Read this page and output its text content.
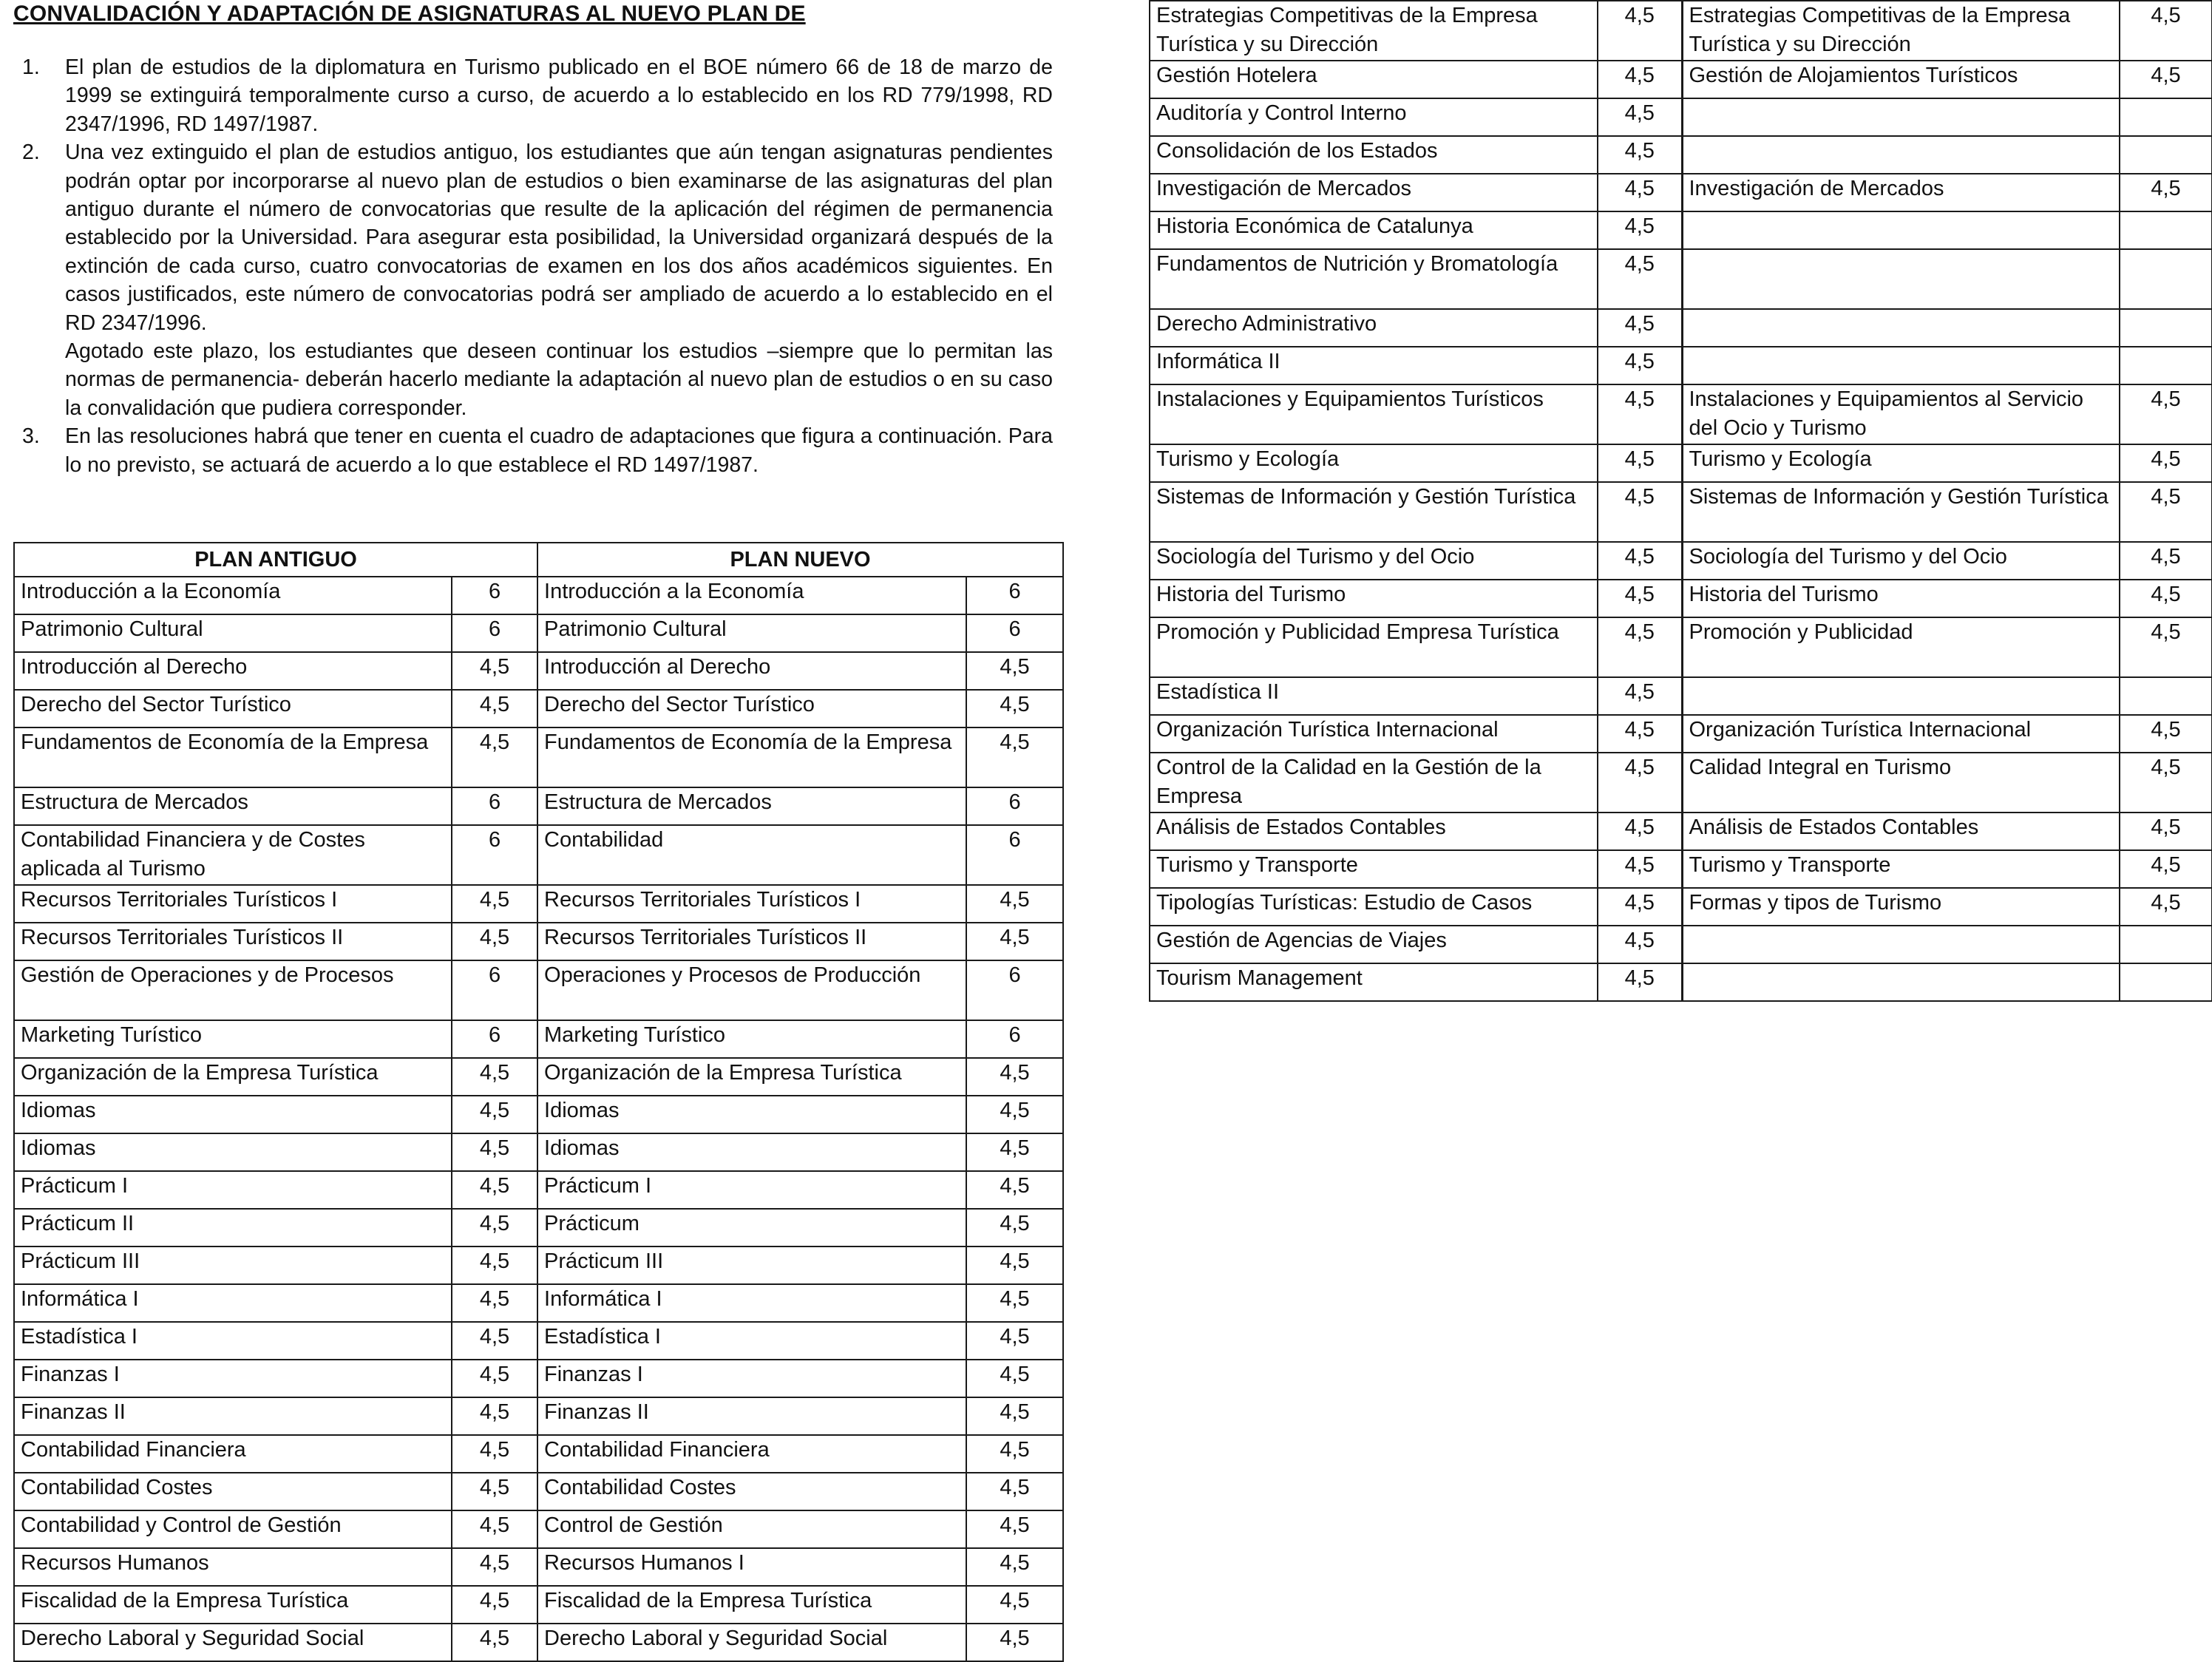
CONVALIDACIÓN Y ADAPTACIÓN DE ASIGNATURAS AL NUEVO PLAN DE
1. El plan de estudios de la diplomatura en Turismo publicado en el BOE número 66 de 18 de marzo de 1999 se extinguirá temporalmente curso a curso, de acuerdo a lo establecido en los RD 779/1998, RD 2347/1996, RD 1497/1987.

2. Una vez extinguido el plan de estudios antiguo, los estudiantes que aún tengan asignaturas pendientes podrán optar por incorporarse al nuevo plan de estudios o bien examinarse de las asignaturas del plan antiguo durante el número de convocatorias que resulte de la aplicación del régimen de permanencia establecido por la Universidad. Para asegurar esta posibilidad, la Universidad organizará después de la extinción de cada curso, cuatro convocatorias de examen en los dos años académicos siguientes. En casos justificados, este número de convocatorias podrá ser ampliado de acuerdo a lo establecido en el RD 2347/1996.

Agotado este plazo, los estudiantes que deseen continuar los estudios –siempre que lo permitan las normas de permanencia- deberán hacerlo mediante la adaptación al nuevo plan de estudios o en su caso la convalidación que pudiera corresponder.

3. En las resoluciones habrá que tener en cuenta el cuadro de adaptaciones que figura a continuación. Para lo no previsto, se actuará de acuerdo a lo que establece el RD 1497/1987.

PLAN ANTIGUO		PLAN NUEVO	
Introducción a la Economía	6	Introducción a la Economía	6
Patrimonio Cultural	6	Patrimonio Cultural	6
Introducción al Derecho	4,5	Introducción al Derecho	4,5
Derecho del Sector Turístico	4,5	Derecho del Sector Turístico	4,5
Fundamentos de Economía de la Empresa	4,5	Fundamentos de Economía de la Empresa	4,5
Estructura de Mercados	6	Estructura de Mercados	6
Contabilidad Financiera y de Costes aplicada al Turismo	6	Contabilidad	6
Recursos Territoriales Turísticos I	4,5	Recursos Territoriales Turísticos I	4,5
Recursos Territoriales Turísticos II	4,5	Recursos Territoriales Turísticos II	4,5
Gestión de Operaciones y de Procesos	6	Operaciones y Procesos de Producción	6
Marketing Turístico	6	Marketing Turístico	6
Organización de la Empresa Turística	4,5	Organización de la Empresa Turística	4,5
Idiomas	4,5	Idiomas	4,5
Idiomas	4,5	Idiomas	4,5
Prácticum I	4,5	Prácticum I	4,5
Prácticum II	4,5	Prácticum	4,5
Prácticum III	4,5	Prácticum III	4,5
Informática I	4,5	Informática I	4,5
Estadística I	4,5	Estadística I	4,5
Finanzas I	4,5	Finanzas I	4,5
Finanzas II	4,5	Finanzas II	4,5
Contabilidad Financiera	4,5	Contabilidad Financiera	4,5
Contabilidad Costes	4,5	Contabilidad Costes	4,5
Contabilidad y Control de Gestión	4,5	Control de Gestión	4,5
Recursos Humanos	4,5	Recursos Humanos I	4,5
Fiscalidad de la Empresa Turística	4,5	Fiscalidad de la Empresa Turística	4,5
Derecho Laboral y Seguridad Social	4,5	Derecho Laboral y Seguridad Social	4,5
Estrategias Competitivas de la Empresa Turística y su Dirección	4,5	Estrategias Competitivas de la Empresa Turística y su Dirección	4,5
Gestión Hotelera	4,5	Gestión de Alojamientos Turísticos	4,5
Auditoría y Control Interno	4,5		
Consolidación de los Estados	4,5		
Investigación de Mercados	4,5	Investigación de Mercados	4,5
Historia Económica de Catalunya	4,5		
Fundamentos de Nutrición y Bromatología	4,5		
Derecho Administrativo	4,5		
Informática II	4,5		
Instalaciones y Equipamientos Turísticos	4,5	Instalaciones y Equipamientos al Servicio del Ocio y Turismo	4,5
Turismo y Ecología	4,5	Turismo y Ecología	4,5
Sistemas de Información y Gestión Turística	4,5	Sistemas de Información y Gestión Turística	4,5
Sociología del Turismo y del Ocio	4,5	Sociología del Turismo y del Ocio	4,5
Historia del Turismo	4,5	Historia del Turismo	4,5
Promoción y Publicidad Empresa Turística	4,5	Promoción y Publicidad	4,5
Estadística II	4,5		
Organización Turística Internacional	4,5	Organización Turística Internacional	4,5
Control de la Calidad en la Gestión de la Empresa	4,5	Calidad Integral en Turismo	4,5
Análisis de Estados Contables	4,5	Análisis de Estados Contables	4,5
Turismo y Transporte	4,5	Turismo y Transporte	4,5
Tipologías Turísticas: Estudio de Casos	4,5	Formas y tipos de Turismo	4,5
Gestión de Agencias de Viajes	4,5		
Tourism Management	4,5		
